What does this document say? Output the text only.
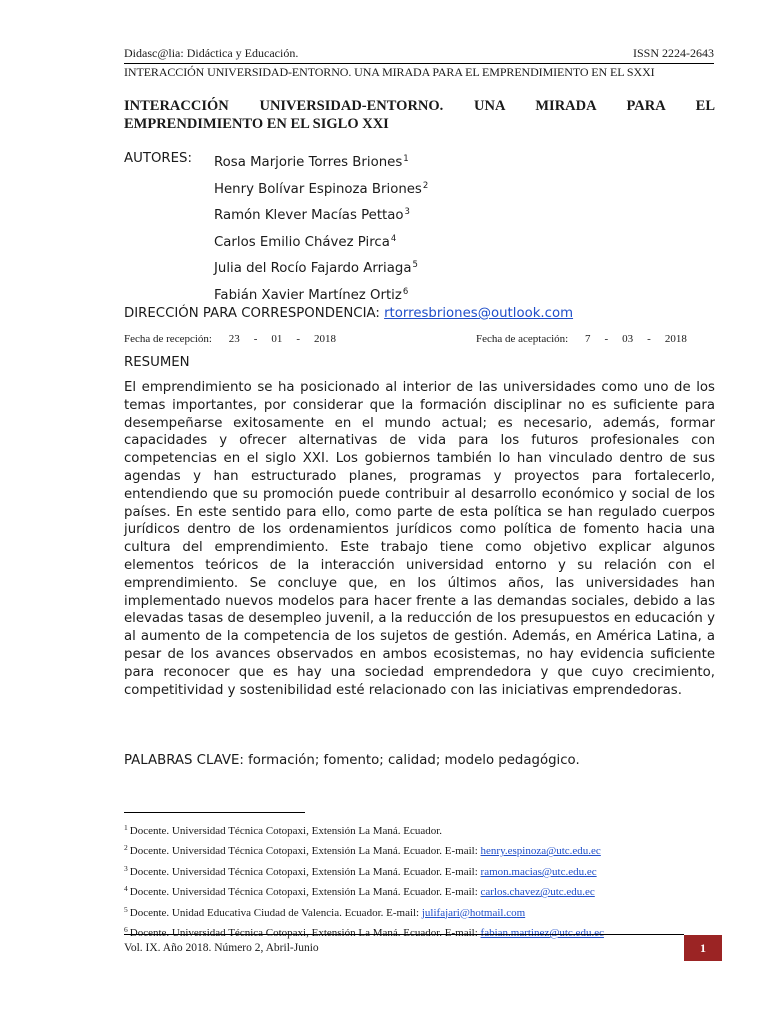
Didasc@lia: Didáctica y Educación.	ISSN 2224-2643
INTERACCIÓN UNIVERSIDAD-ENTORNO. UNA MIRADA PARA EL EMPRENDIMIENTO EN EL SXXI
INTERACCIÓN UNIVERSIDAD-ENTORNO. UNA MIRADA PARA EL EMPRENDIMIENTO EN EL SIGLO XXI
AUTORES:	Rosa Marjorie Torres Briones$^1$
Henry Bolívar Espinoza Briones$^2$
Ramón Klever Macías Pettao$^3$
Carlos Emilio Chávez Pirca$^4$
Julia del Rocío Fajardo Arriaga$^5$
Fabián Xavier Martínez Ortiz$^6$
DIRECCIÓN PARA CORRESPONDENCIA: rtorresbriones@outlook.com
Fecha de recepción: 23 - 01 - 2018	Fecha de aceptación: 7 - 03 - 2018
RESUMEN

El emprendimiento se ha posicionado al interior de las universidades como uno de los temas importantes, por considerar que la formación disciplinar no es suficiente para desempeñarse exitosamente en el mundo actual; es necesario, además, formar capacidades y ofrecer alternativas de vida para los futuros profesionales con competencias en el siglo XXI. Los gobiernos también lo han vinculado dentro de sus agendas y han estructurado planes, programas y proyectos para fortalecerlo, entendiendo que su promoción puede contribuir al desarrollo económico y social de los países. En este sentido para ello, como parte de esta política se han regulado cuerpos jurídicos dentro de los ordenamientos jurídicos como política de fomento hacia una cultura del emprendimiento. Este trabajo tiene como objetivo explicar algunos elementos teóricos de la interacción universidad entorno y su relación con el emprendimiento. Se concluye que, en los últimos años, las universidades han implementado nuevos modelos para hacer frente a las demandas sociales, debido a las elevadas tasas de desempleo juvenil, a la reducción de los presupuestos en educación y al aumento de la competencia de los sujetos de gestión. Además, en América Latina, a pesar de los avances observados en ambos ecosistemas, no hay evidencia suficiente para reconocer que es hay una sociedad emprendedora y que cuyo crecimiento, competitividad y sostenibilidad esté relacionado con las iniciativas emprendedoras.

PALABRAS CLAVE: formación; fomento; calidad; modelo pedagógico.
$^1$ Docente. Universidad Técnica Cotopaxi, Extensión La Maná. Ecuador.
$^2$ Docente. Universidad Técnica Cotopaxi, Extensión La Maná. Ecuador. E-mail: henry.espinoza@utc.edu.ec
$^3$ Docente. Universidad Técnica Cotopaxi, Extensión La Maná. Ecuador. E-mail: ramon.macias@utc.edu.ec
$^4$ Docente. Universidad Técnica Cotopaxi, Extensión La Maná. Ecuador. E-mail: carlos.chavez@utc.edu.ec
$^5$ Docente. Unidad Educativa Ciudad de Valencia. Ecuador. E-mail: julifajari@hotmail.com
$^6$ Docente. Universidad Técnica Cotopaxi, Extensión La Maná. Ecuador. E-mail: fabian.martinez@utc.edu.ec
Vol. IX. Año 2018. Número 2, Abril-Junio	1
